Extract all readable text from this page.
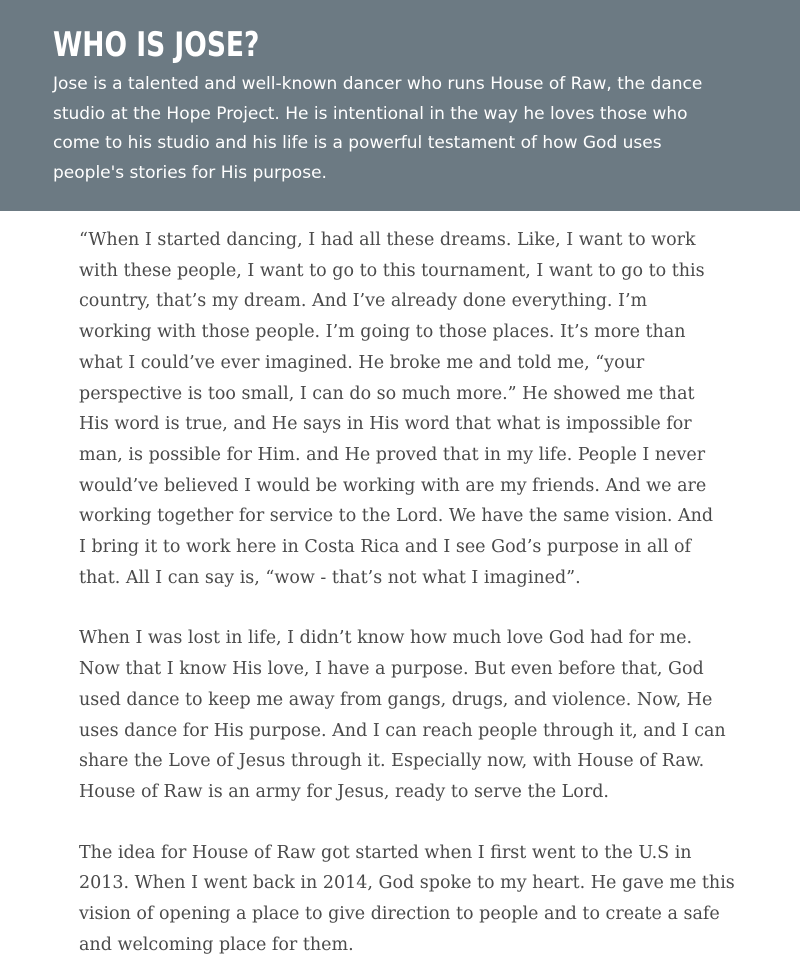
WHO IS JOSE?

Jose is a talented and well-known dancer who runs House of Raw, the dance
studio at the Hope Project. He is intentional in the way he loves those who
come to his studio and his life is a powerful testament of how God uses
people's stories for His purpose.

“When I started dancing, I had all these dreams. Like, I want to work
with these people, I want to go to this tournament, I want to go to this
country, that’s my dream. And I’ve already done everything. I’m
working with those people. I’m going to those places. It’s more than
what I could’ve ever imagined. He broke me and told me, “your
perspective is too small, I can do so much more.” He showed me that
His word is true, and He says in His word that what is impossible for
man, is possible for Him. and He proved that in my life. People I never
would’ve believed I would be working with are my friends. And we are
working together for service to the Lord. We have the same vision. And
I bring it to work here in Costa Rica and I see God’s purpose in all of
that. All I can say is, “wow - that’s not what I imagined”.

When I was lost in life, I didn’t know how much love God had for me.
Now that I know His love, I have a purpose. But even before that, God
used dance to keep me away from gangs, drugs, and violence. Now, He
uses dance for His purpose. And I can reach people through it, and I can
share the Love of Jesus through it. Especially now, with House of Raw.
House of Raw is an army for Jesus, ready to serve the Lord.

The idea for House of Raw got started when I first went to the U.S in
2013. When I went back in 2014, God spoke to my heart. He gave me this
vision of opening a place to give direction to people and to create a safe
and welcoming place for them.
